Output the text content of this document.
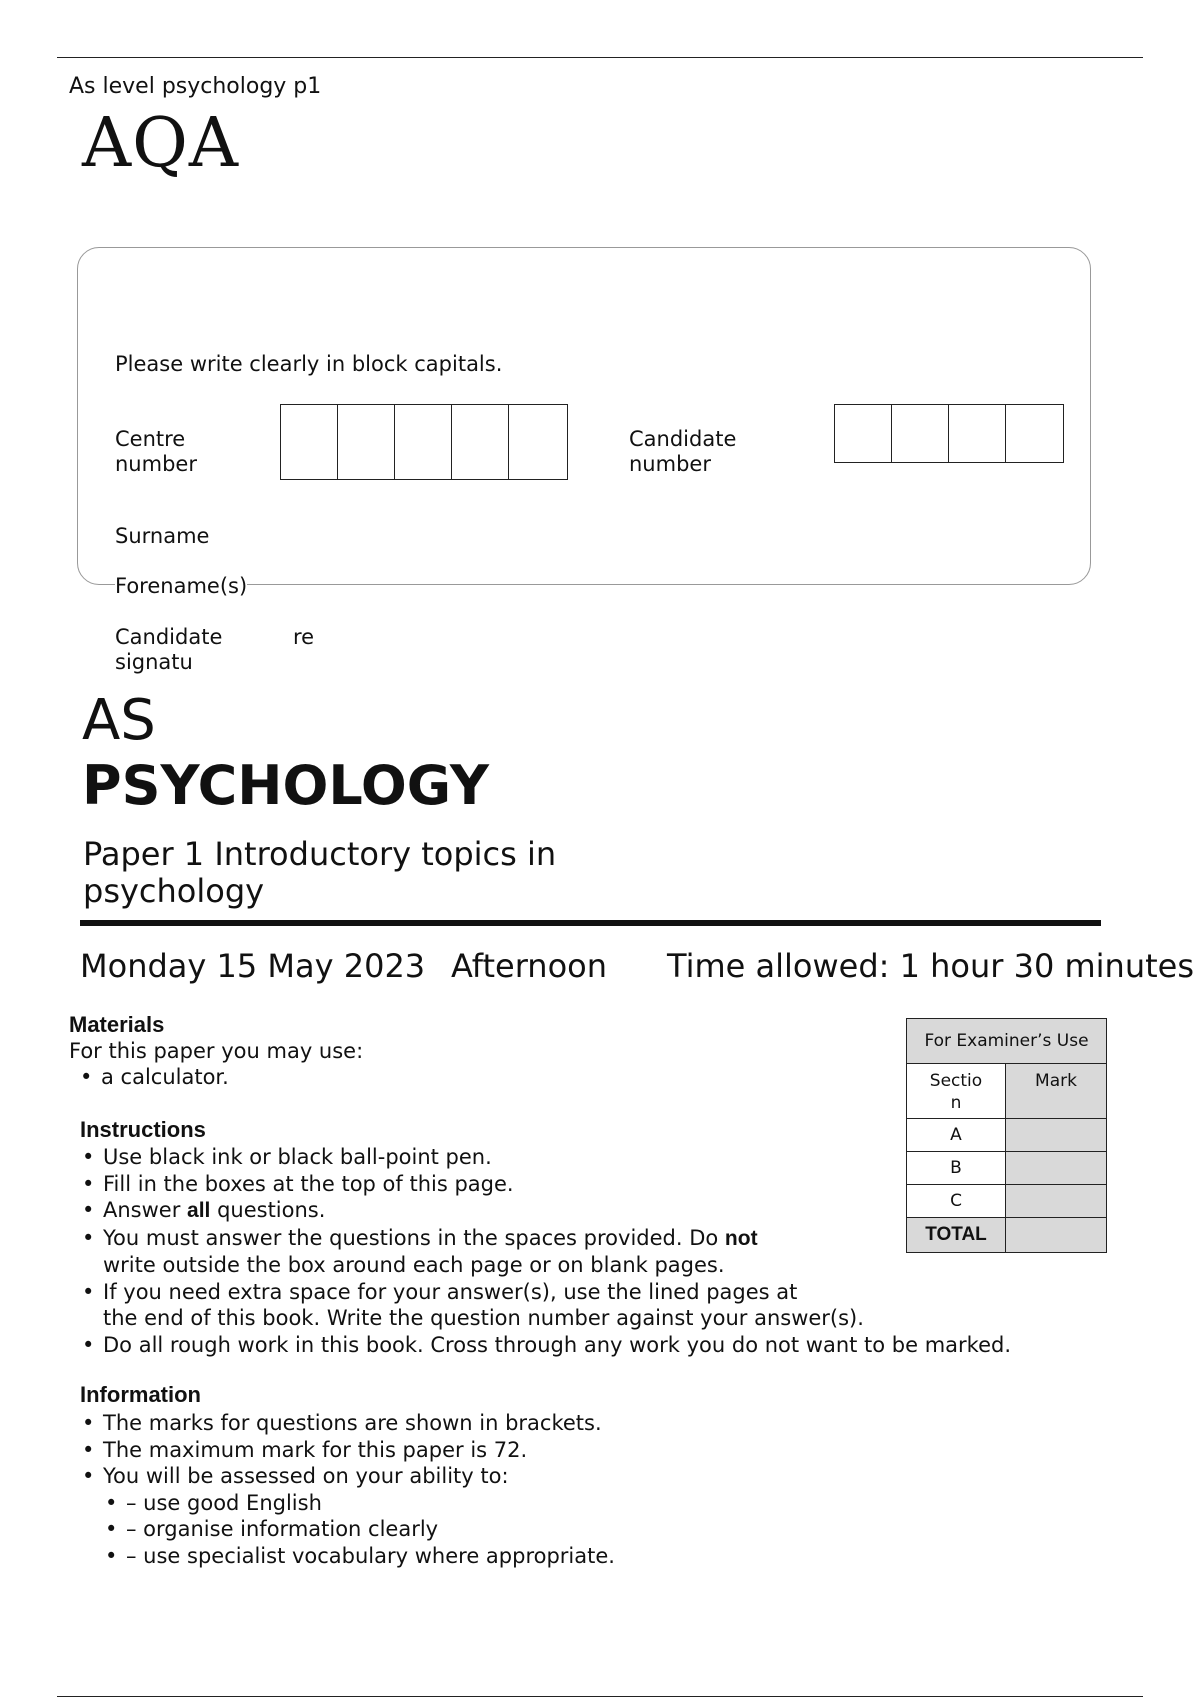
As level psychology p1
AQA
Please write clearly in block capitals.
Centre
number
Candidate
number
Surname
Forename(s)
Candidate
signatu
re
AS
PSYCHOLOGY
Paper 1 Introductory topics in
psychology
Monday 15 May 2023 Afternoon Time allowed: 1 hour 30 minutes
Materials
For this paper you may use:
• a calculator.
Instructions
• Use black ink or black ball-point pen.
• Fill in the boxes at the top of this page.
• Answer all questions.
• You must answer the questions in the spaces provided. Do not
write outside the box around each page or on blank pages.
• If you need extra space for your answer(s), use the lined pages at
the end of this book. Write the question number against your answer(s).
• Do all rough work in this book. Cross through any work you do not want to be marked.
Information
• The marks for questions are shown in brackets.
• The maximum mark for this paper is 72.
• You will be assessed on your ability to:
• – use good English
• – organise information clearly
• – use specialist vocabulary where appropriate.
For Examiner’s Use	

Sectio
n	Mark
A	
B	
C	
TOTAL	
